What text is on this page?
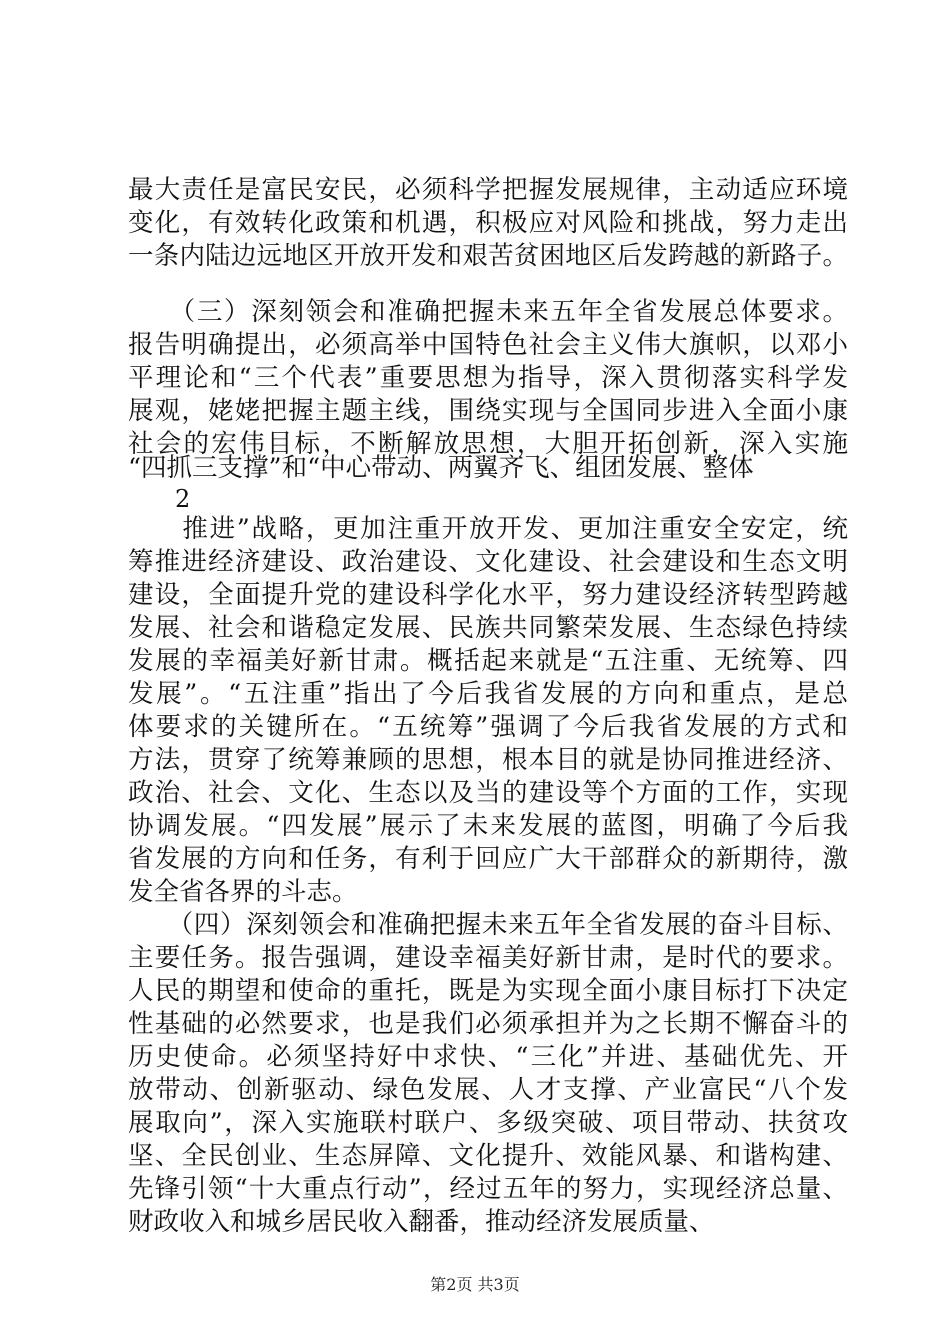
最大责任是富民安民，必须科学把握发展规律，主动适应环境
变化，有效转化政策和机遇，积极应对风险和挑战，努力走出
一条内陆边远地区开放开发和艰苦贫困地区后发跨越的新路子。
　　（三）深刻领会和准确把握未来五年全省发展总体要求。
报告明确提出，必须高举中国特色社会主义伟大旗帜，以邓小
平理论和“三个代表”重要思想为指导，深入贯彻落实科学发
展观，姥姥把握主题主线，围绕实现与全国同步进入全面小康
社会的宏伟目标，不断解放思想，大胆开拓创新，深入实施
“四抓三支撑”和“中心带动、两翼齐飞、组团发展、整体
2
　　推进”战略，更加注重开放开发、更加注重安全安定，统
筹推进经济建设、政治建设、文化建设、社会建设和生态文明
建设，全面提升党的建设科学化水平，努力建设经济转型跨越
发展、社会和谐稳定发展、民族共同繁荣发展、生态绿色持续
发展的幸福美好新甘肃。概括起来就是“五注重、无统筹、四
发展”。“五注重”指出了今后我省发展的方向和重点，是总
体要求的关键所在。“五统筹”强调了今后我省发展的方式和
方法，贯穿了统筹兼顾的思想，根本目的就是协同推进经济、
政治、社会、文化、生态以及当的建设等个方面的工作，实现
协调发展。“四发展”展示了未来发展的蓝图，明确了今后我
省发展的方向和任务，有利于回应广大干部群众的新期待，激
发全省各界的斗志。
　　（四）深刻领会和准确把握未来五年全省发展的奋斗目标、
主要任务。报告强调，建设幸福美好新甘肃，是时代的要求。
人民的期望和使命的重托，既是为实现全面小康目标打下决定
性基础的必然要求，也是我们必须承担并为之长期不懈奋斗的
历史使命。必须坚持好中求快、“三化”并进、基础优先、开
放带动、创新驱动、绿色发展、人才支撑、产业富民“八个发
展取向”，深入实施联村联户、多级突破、项目带动、扶贫攻
坚、全民创业、生态屏障、文化提升、效能风暴、和谐构建、
先锋引领“十大重点行动”，经过五年的努力，实现经济总量、
财政收入和城乡居民收入翻番，推动经济发展质量、
第2页 共3页
